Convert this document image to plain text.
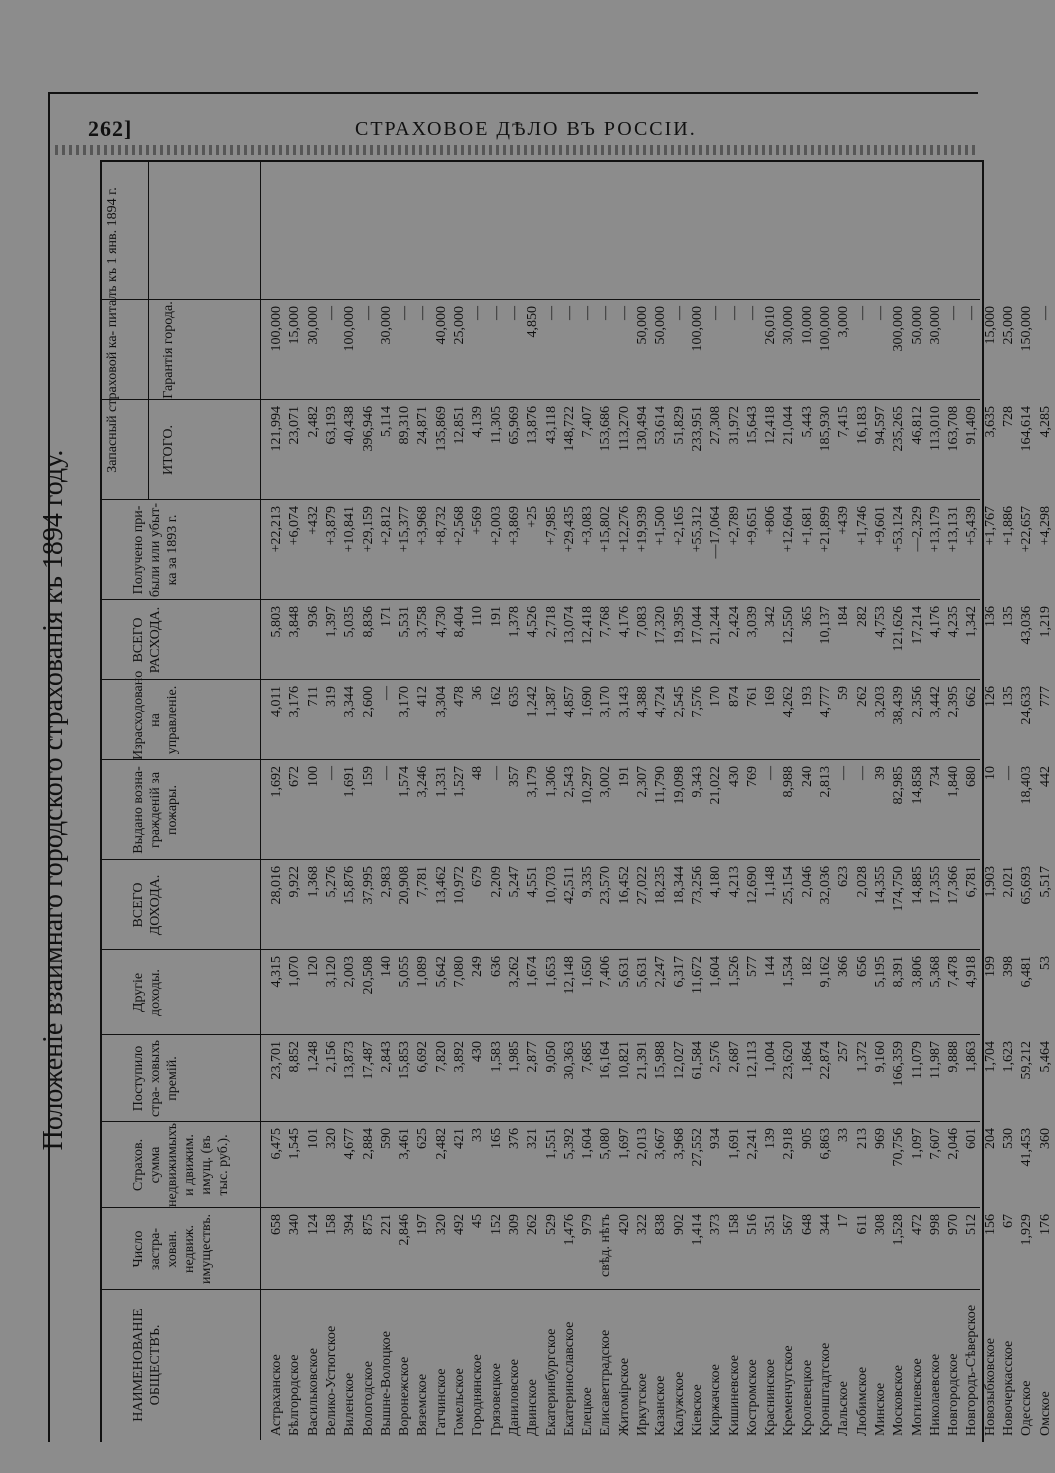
262]	СТРАХОВОЕ ДѢЛО ВЪ РОССIИ.
Положеніе взаимнаго городского страхованія къ 1894 году.
Запасный страховой ка- питалъ къ 1 янв. 1894 г.
НАИМЕНОВАНІЕ ОБЩЕСТВЪ.
Число застра- хован. недвиж. имуществъ.
Страхов. сумма недвижимыхъ и движим. имущ. (въ тыс. руб.).
Поступило стра- ховыхъ премій.
Другіе доходы.
ВСЕГО ДОХОДА.
Выдано возна- гражденій за пожары.
Израсходовано на управленіе.
ВСЕГО РАСХОДА.
Получено при- были или убыт- ка за 1893 г.
ИТОГО.
Гарантія города.
Астраханское
658
6,475
23,701
4,315
28,016
1,692
4,011
5,803
+22,213
121,994
100,000
Бѣлгородское
340
1,545
8,852
1,070
9,922
672
3,176
3,848
+6,074
23,071
15,000
Васильковское
124
101
1,248
120
1,368
100
711
936
+432
2,482
30,000
Велико-Устюгское
158
320
2,156
3,120
5,276
—
319
1,397
+3,879
63,193
—
Виленское
394
4,677
13,873
2,003
15,876
1,691
3,344
5,035
+10,841
40,438
100,000
Вологодское
875
2,884
17,487
20,508
37,995
159
2,600
8,836
+29,159
396,946
—
Вышне-Волоцкое
221
590
2,843
140
2,983
—
—
171
+2,812
5,114
30,000
Воронежское
2,846
3,461
15,853
5,055
20,908
1,574
3,170
5,531
+15,377
89,310
—
Вяземское
197
625
6,692
1,089
7,781
3,246
412
3,758
+3,968
24,871
—
Гатчинское
320
2,482
7,820
5,642
13,462
1,331
3,304
4,730
+8,732
135,869
40,000
Гомельское
492
421
3,892
7,080
10,972
1,527
478
8,404
+2,568
12,851
25,000
Городнянское
45
33
430
249
679
48
36
110
+569
4,139
—
Грязовецкое
152
165
1,583
636
2,209
—
162
191
+2,003
11,305
—
Даниловское
309
376
1,985
3,262
5,247
357
635
1,378
+3,869
65,969
—
Двинское
262
321
2,877
1,674
4,551
3,179
1,242
4,526
+25
13,876
4,850
Екатеринбургское
529
1,551
9,050
1,653
10,703
1,306
1,387
2,718
+7,985
43,118
—
Екатеринославское
1,476
5,392
30,363
12,148
42,511
2,543
4,857
13,074
+29,435
148,722
—
Елецкое
979
1,604
7,685
1,650
9,335
10,297
1,690
12,418
+3,083
7,407
—
Елисаветградское
свѣд. нѣтъ
5,080
16,164
7,406
23,570
3,002
3,170
7,768
+15,802
153,686
—
Житомірское
420
1,697
10,821
5,631
16,452
191
3,143
4,176
+12,276
113,270
—
Иркутское
322
2,013
21,391
5,631
27,022
2,307
4,388
7,083
+19,939
130,494
50,000
Казанское
838
3,667
15,988
2,247
18,235
11,790
4,724
17,320
+1,500
53,614
50,000
Калужское
902
3,968
12,027
6,317
18,344
19,098
2,545
19,395
+2,165
51,829
—
Кіевское
1,414
27,552
61,584
11,672
73,256
9,343
7,576
17,044
+55,312
233,951
100,000
Киржачское
373
934
2,576
1,604
4,180
21,022
170
21,244
—17,064
27,308
—
Кишиневское
158
1,691
2,687
1,526
4,213
430
874
2,424
+2,789
31,972
—
Костромское
516
2,241
12,113
577
12,690
769
761
3,039
+9,651
15,643
—
Краснинское
351
139
1,004
144
1,148
—
169
342
+806
12,418
26,010
Кременчугское
567
2,918
23,620
1,534
25,154
8,988
4,262
12,550
+12,604
21,044
30,000
Кролевецкое
648
905
1,864
182
2,046
240
193
365
+1,681
5,443
10,000
Кронштадтское
344
6,863
22,874
9,162
32,036
2,813
4,777
10,137
+21,899
185,930
100,000
Лальское
17
33
257
366
623
—
59
184
+439
7,415
3,000
Любимское
611
213
1,372
656
2,028
—
262
282
+1,746
16,183
—
Минское
308
969
9,160
5,195
14,355
39
3,203
4,753
+9,601
94,597
—
Московское
1,528
70,756
166,359
8,391
174,750
82,985
38,439
121,626
+53,124
235,265
300,000
Могилевское
472
1,097
11,079
3,806
14,885
14,858
2,356
17,214
—2,329
46,812
50,000
Николаевское
998
7,607
11,987
5,368
17,355
734
3,442
4,176
+13,179
113,010
30,000
Новгородское
970
2,046
9,888
7,478
17,366
1,840
2,395
4,235
+13,131
163,708
—
Новгородъ-Сѣверское
512
601
1,863
4,918
6,781
680
662
1,342
+5,439
91,409
—
Новозыбковское
156
204
1,704
199
1,903
10
126
136
+1,767
3,635
15,000
Новочеркасское
67
530
1,623
398
2,021
—
135
135
+1,886
728
25,000
Одесское
1,929
41,453
59,212
6,481
65,693
18,403
24,633
43,036
+22,657
164,614
150,000
Омское
176
360
5,464
53
5,517
442
777
1,219
+4,298
4,285
—
